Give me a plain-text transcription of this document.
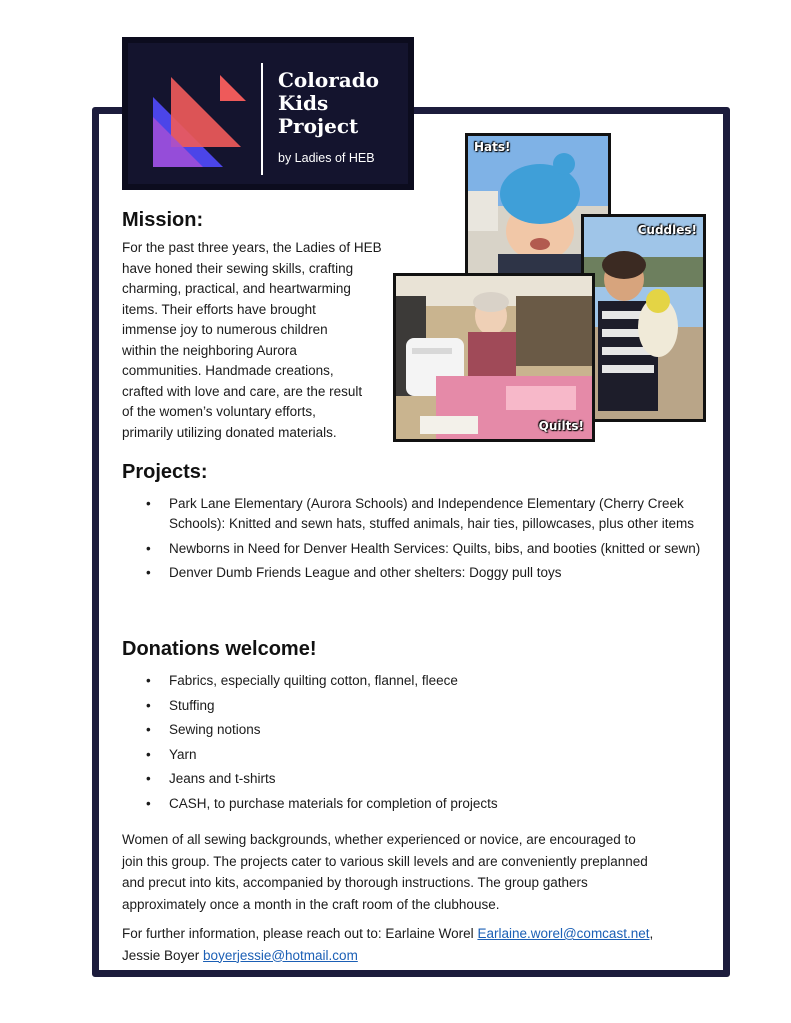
Colorado
Kids
Project
by Ladies of HEB
Hats!
Cuddles!
Quilts!
Mission:
For the past three years, the Ladies of HEB
have honed their sewing skills, crafting
charming, practical, and heartwarming
items. Their efforts have brought
immense joy to numerous children
within the neighboring Aurora
communities. Handmade creations,
crafted with love and care, are the result
of the women’s voluntary efforts,
primarily utilizing donated materials.
Projects:
• Park Lane Elementary (Aurora Schools) and Independence Elementary (Cherry Creek Schools): Knitted and sewn hats, stuffed animals, hair ties, pillowcases, plus other items
• Newborns in Need for Denver Health Services: Quilts, bibs, and booties (knitted or sewn)
• Denver Dumb Friends League and other shelters: Doggy pull toys
Donations welcome!
• Fabrics, especially quilting cotton, flannel, fleece
• Stuffing
• Sewing notions
• Yarn
• Jeans and t-shirts
• CASH, to purchase materials for completion of projects
Women of all sewing backgrounds, whether experienced or novice, are encouraged to
join this group. The projects cater to various skill levels and are conveniently preplanned
and precut into kits, accompanied by thorough instructions. The group gathers
approximately once a month in the craft room of the clubhouse.
For further information, please reach out to: Earlaine Worel Earlaine.worel@comcast.net,
Jessie Boyer boyerjessie@hotmail.com
